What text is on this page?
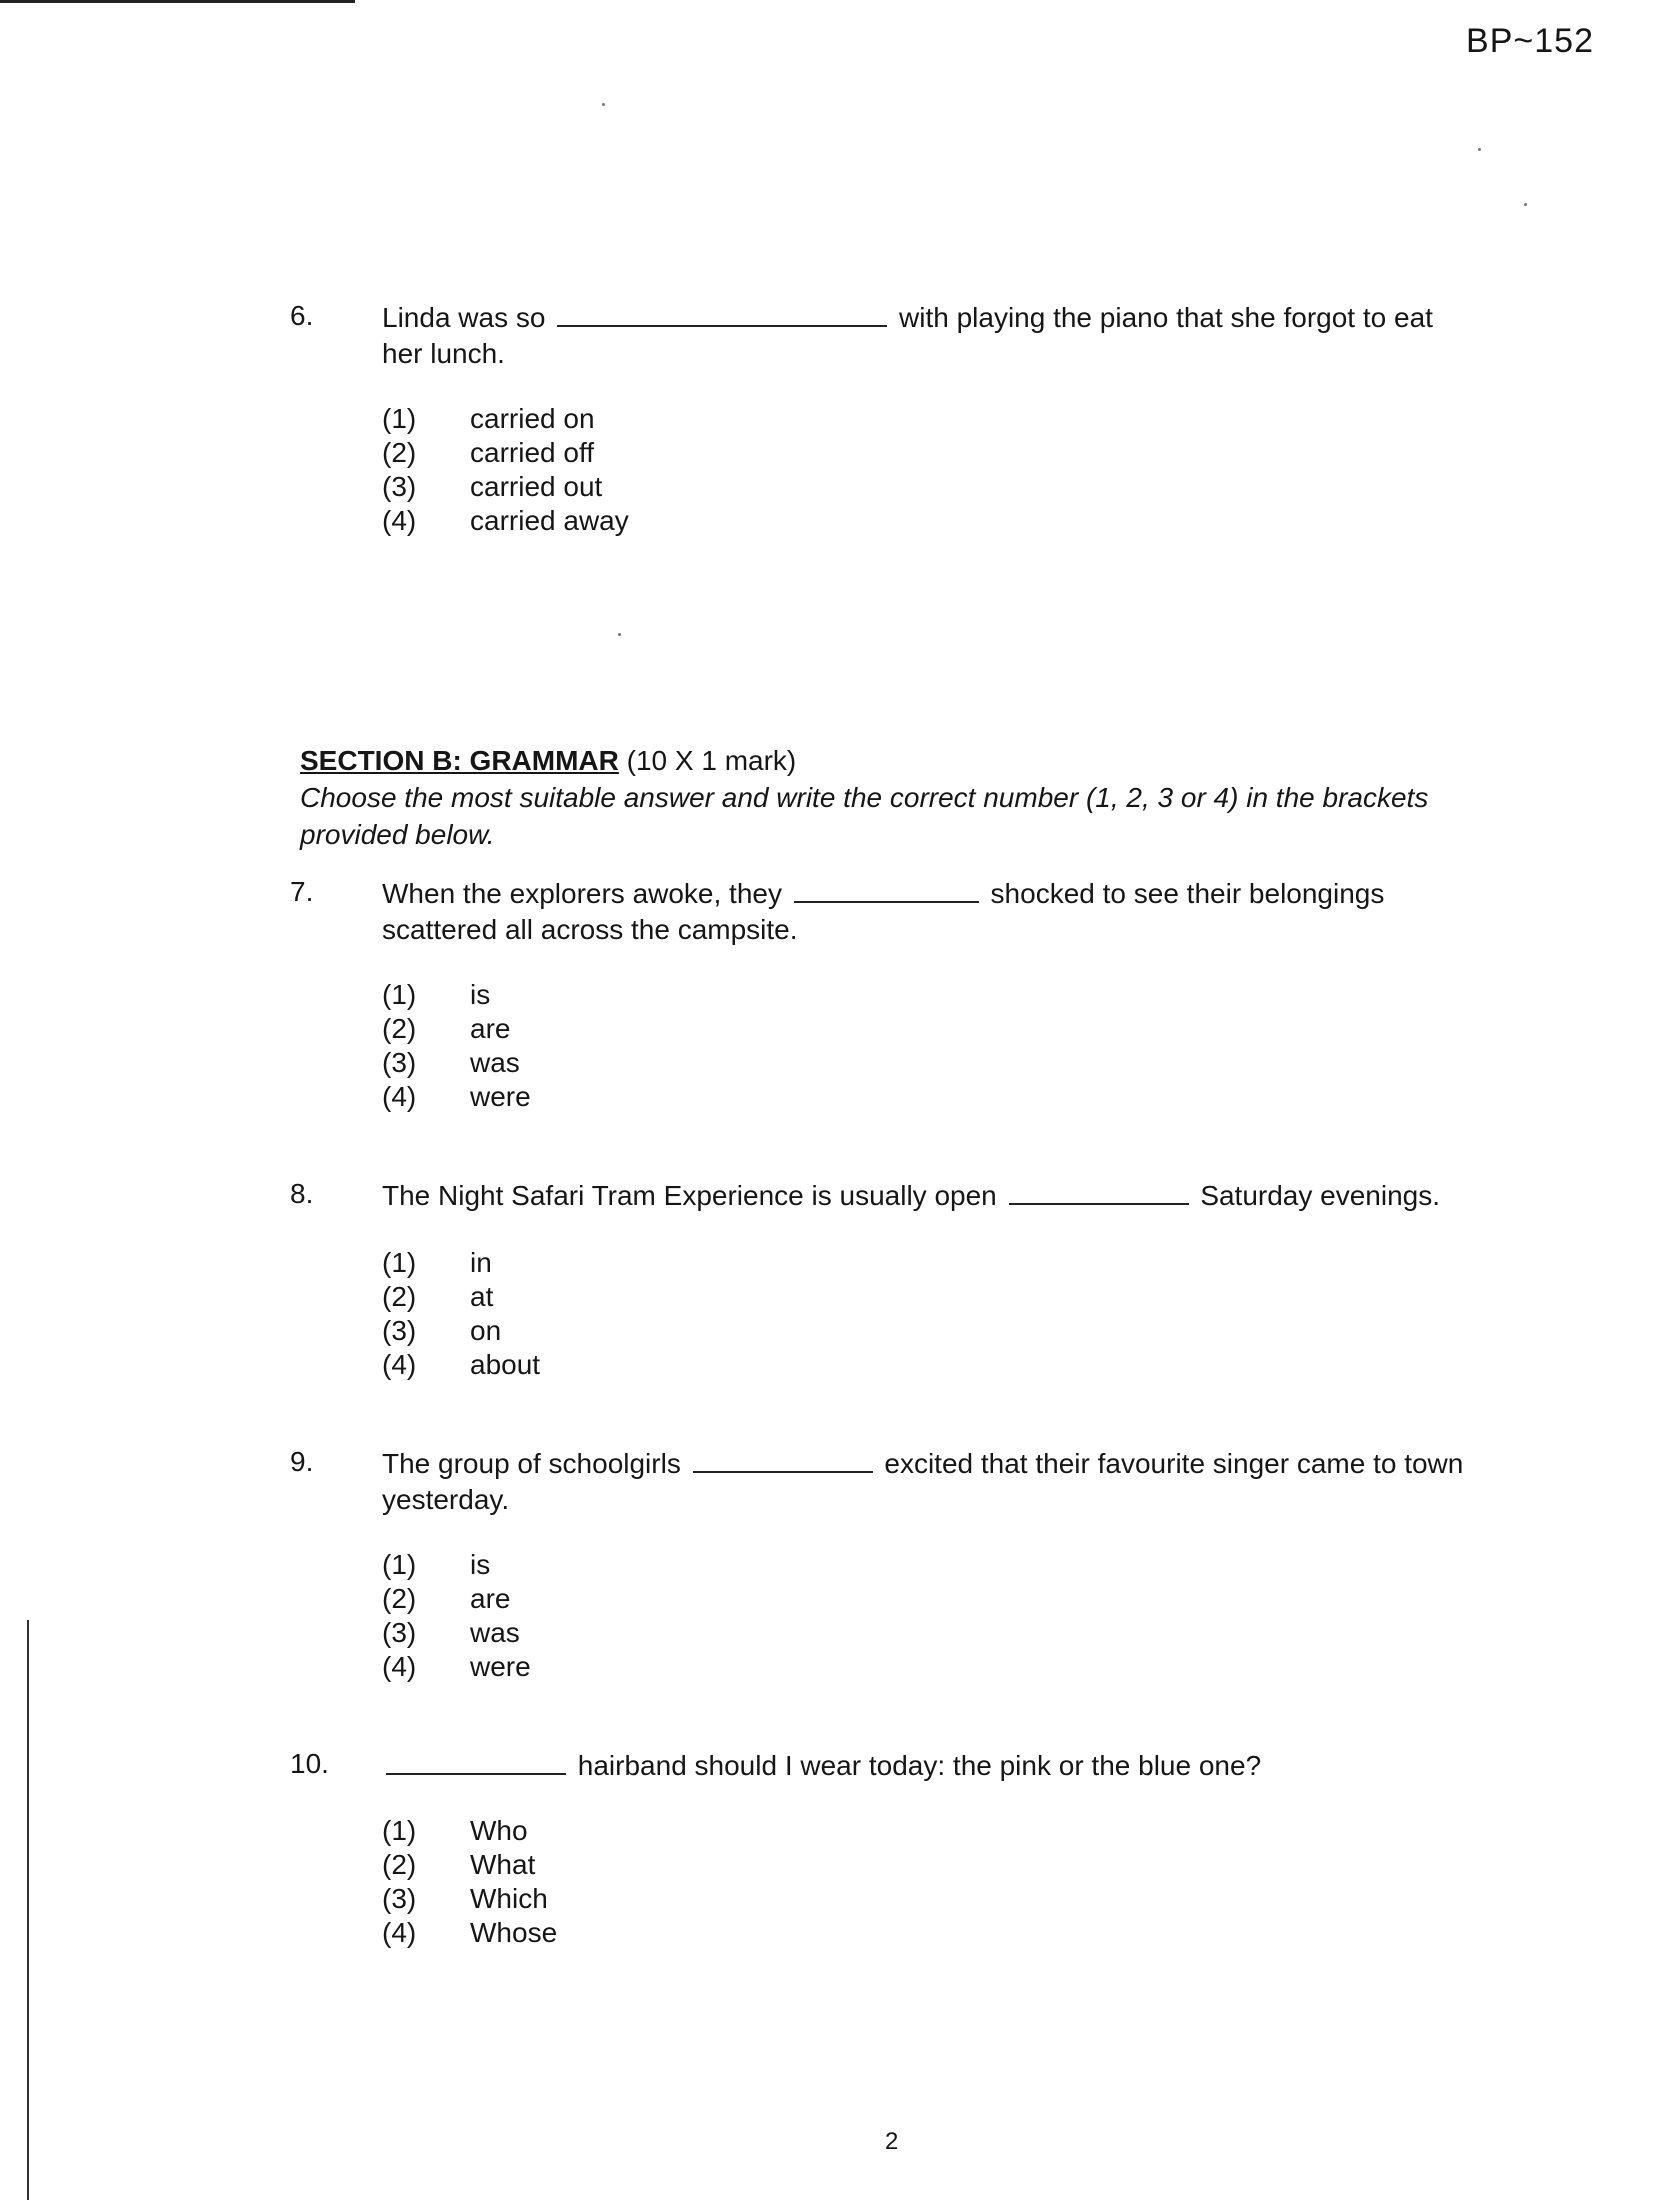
BP~152
6. Linda was so	with playing the piano that she forgot to eat her lunch.
(1) carried on
(2) carried off
(3) carried out
(4) carried away
SECTION B: GRAMMAR (10 X 1 mark)
Choose the most suitable answer and write the correct number (1, 2, 3 or 4) in the brackets provided below.
7. When the explorers awoke, they	shocked to see their belongings scattered all across the campsite.
(1) is
(2) are
(3) was
(4) were
8. The Night Safari Tram Experience is usually open	Saturday evenings.
(1) in
(2) at
(3) on
(4) about
9. The group of schoolgirls	excited that their favourite singer came to town yesterday.
(1) is
(2) are
(3) was
(4) were
10.	hairband should I wear today: the pink or the blue one?
(1) Who
(2) What
(3) Which
(4) Whose
2
